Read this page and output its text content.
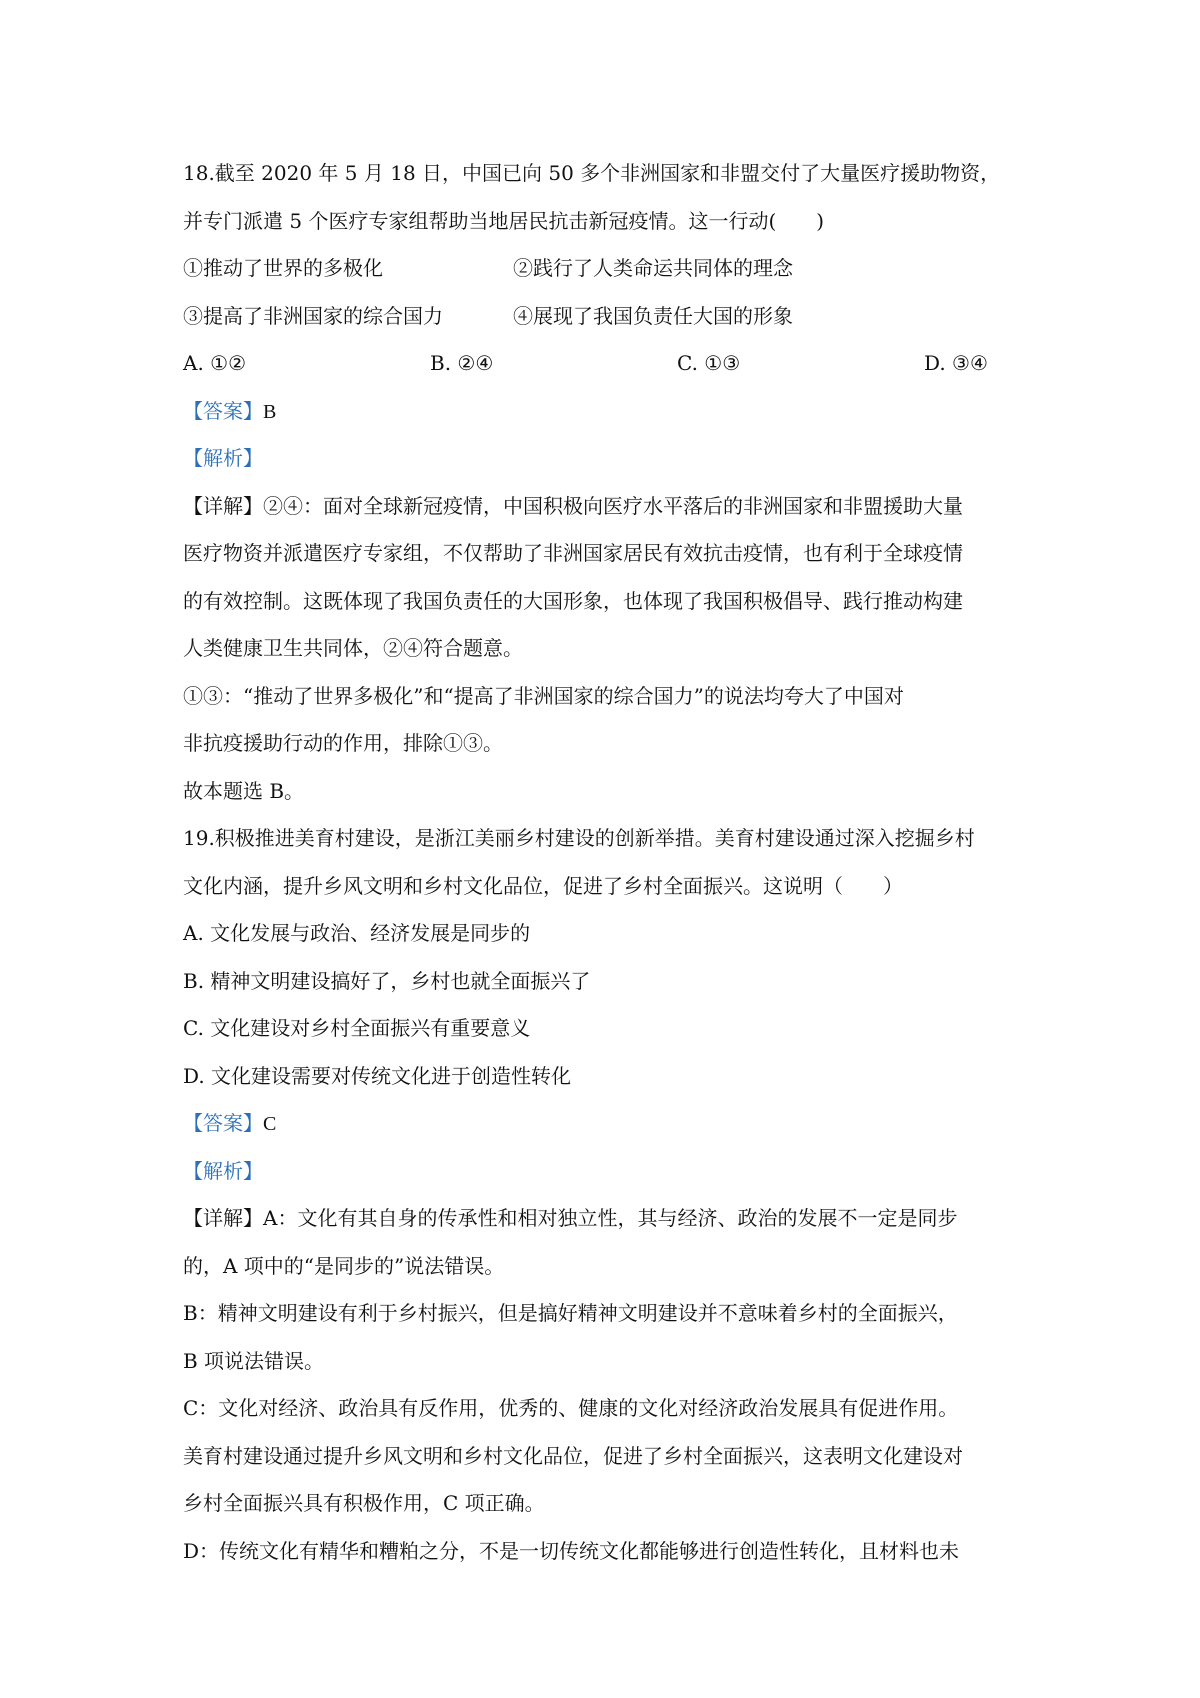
18.截至 2020 年 5 月 18 日，中国已向 50 多个非洲国家和非盟交付了大量医疗援助物资，
并专门派遣 5 个医疗专家组帮助当地居民抗击新冠疫情。这一行动(　　)
①推动了世界的多极化	②践行了人类命运共同体的理念
③提高了非洲国家的综合国力	④展现了我国负责任大国的形象
A. ①②	B. ②④	C. ①③	D. ③④
【答案】B
【解析】
【详解】②④：面对全球新冠疫情，中国积极向医疗水平落后的非洲国家和非盟援助大量
医疗物资并派遣医疗专家组，不仅帮助了非洲国家居民有效抗击疫情，也有利于全球疫情
的有效控制。这既体现了我国负责任的大国形象，也体现了我国积极倡导、践行推动构建
人类健康卫生共同体，②④符合题意。
①③：“推动了世界多极化”和“提高了非洲国家的综合国力”的说法均夸大了中国对
非抗疫援助行动的作用，排除①③。
故本题选 B。
19.积极推进美育村建设，是浙江美丽乡村建设的创新举措。美育村建设通过深入挖掘乡村
文化内涵，提升乡风文明和乡村文化品位，促进了乡村全面振兴。这说明（　　）
A. 文化发展与政治、经济发展是同步的
B. 精神文明建设搞好了，乡村也就全面振兴了
C. 文化建设对乡村全面振兴有重要意义
D. 文化建设需要对传统文化进于创造性转化
【答案】C
【解析】
【详解】A：文化有其自身的传承性和相对独立性，其与经济、政治的发展不一定是同步
的，A 项中的“是同步的”说法错误。
B：精神文明建设有利于乡村振兴，但是搞好精神文明建设并不意味着乡村的全面振兴，
B 项说法错误。
C：文化对经济、政治具有反作用，优秀的、健康的文化对经济政治发展具有促进作用。
美育村建设通过提升乡风文明和乡村文化品位，促进了乡村全面振兴，这表明文化建设对
乡村全面振兴具有积极作用，C 项正确。
D：传统文化有精华和糟粕之分，不是一切传统文化都能够进行创造性转化，且材料也未
